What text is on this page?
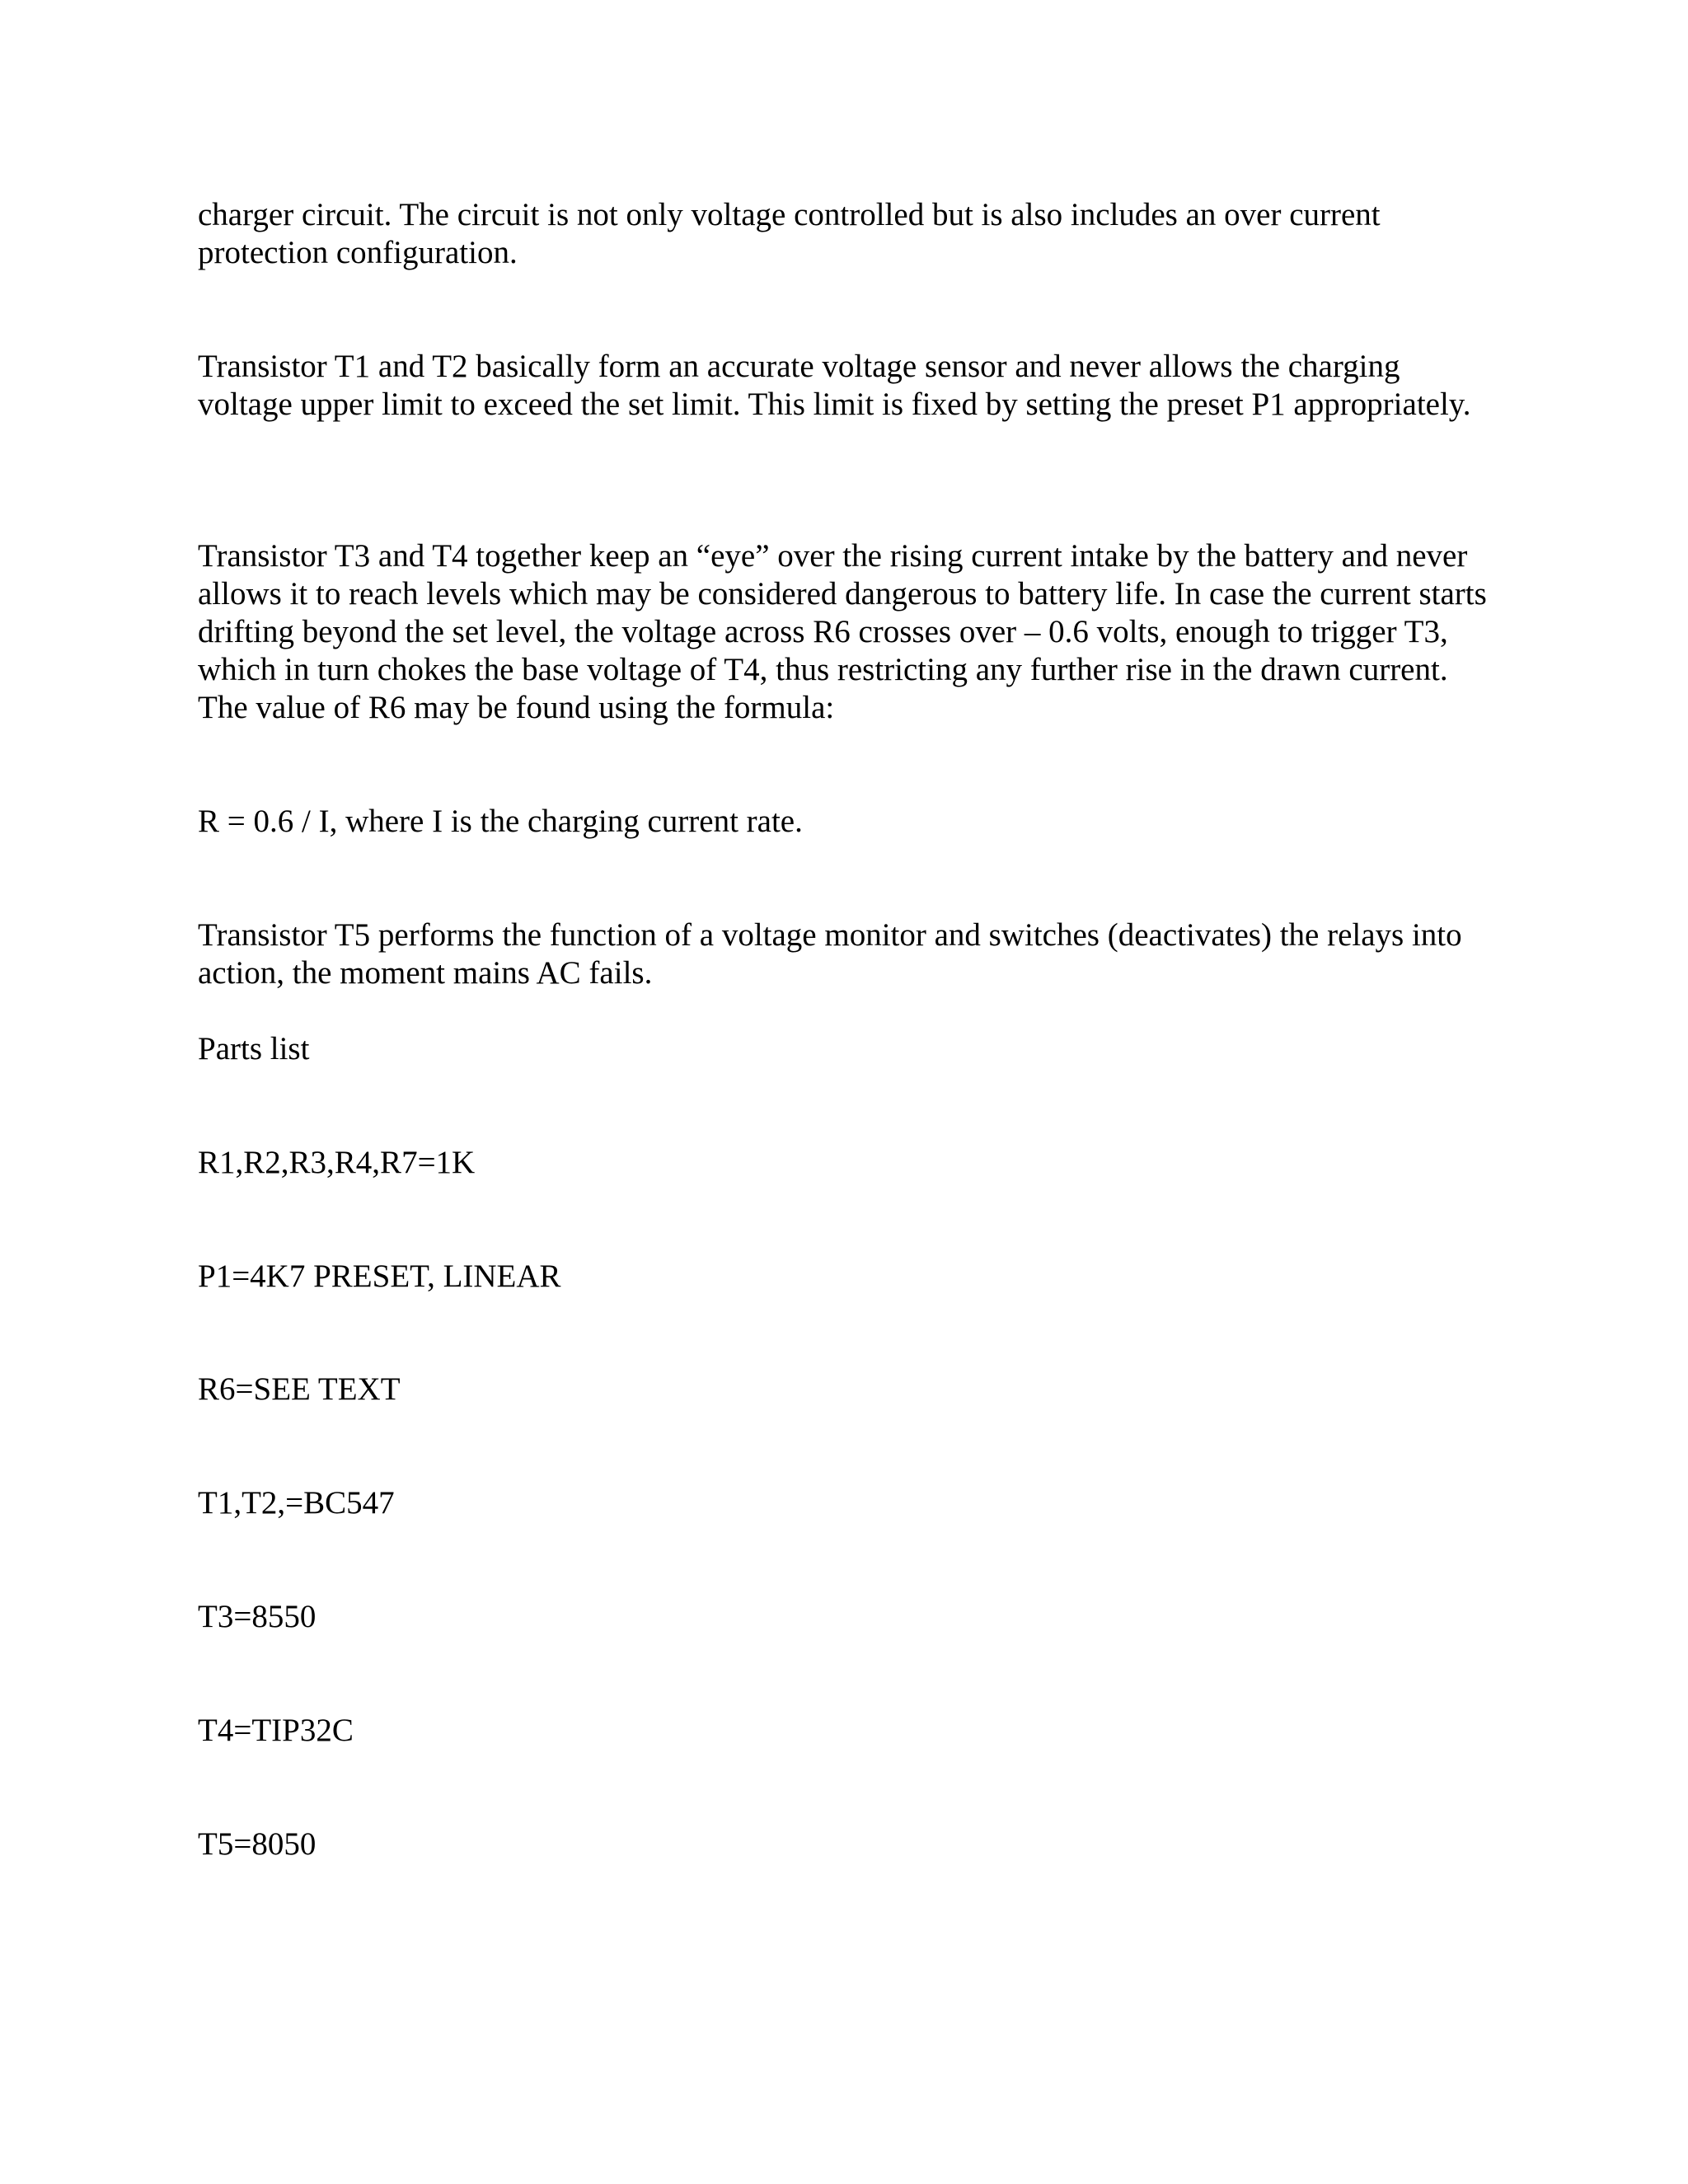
charger circuit. The circuit is not only voltage controlled but is also includes an over current protection configuration.

Transistor T1 and T2 basically form an accurate voltage sensor and never allows the charging voltage upper limit to exceed the set limit. This limit is fixed by setting the preset P1 appropriately.

Transistor T3 and T4 together keep an “eye” over the rising current intake by the battery and never allows it to reach levels which may be considered dangerous to battery life. In case the current starts drifting beyond the set level, the voltage across R6 crosses over – 0.6 volts, enough to trigger T3, which in turn chokes the base voltage of T4, thus restricting any further rise in the drawn current. The value of R6 may be found using the formula:

R = 0.6 / I, where I is the charging current rate.

Transistor T5 performs the function of a voltage monitor and switches (deactivates) the relays into action, the moment mains AC fails.

Parts list

R1,R2,R3,R4,R7=1K

P1=4K7 PRESET, LINEAR

R6=SEE TEXT

T1,T2,=BC547

T3=8550

T4=TIP32C

T5=8050
